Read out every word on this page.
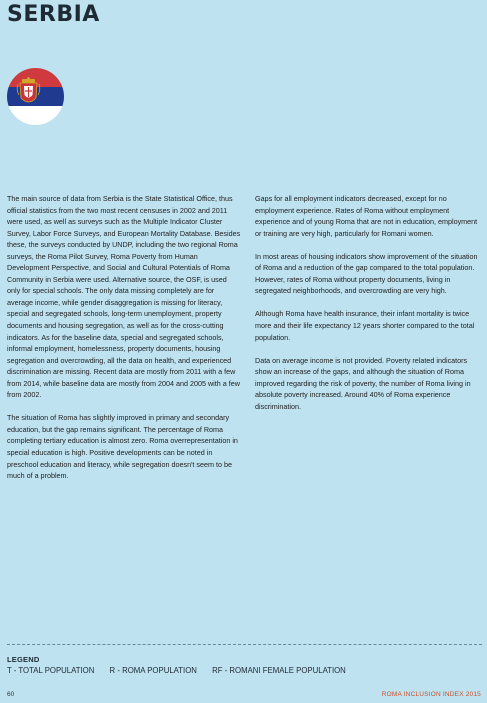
SERBIA

The main source of data from Serbia is the State Statistical Office, thus official statistics from the two most recent censuses in 2002 and 2011 were used, as well as surveys such as the Multiple Indicator Cluster Survey, Labor Force Surveys, and European Mortality Database. Besides these, the surveys conducted by UNDP, including the two regional Roma surveys, the Roma Pilot Survey, Roma Poverty from Human Development Perspective, and Social and Cultural Potentials of Roma Community in Serbia were used. Alternative source, the OSF, is used only for special schools. The only data missing completely are for average income, while gender disaggregation is missing for literacy, special and segregated schools, long-term unemployment, property documents and housing segregation, as well as for the cross-cutting indicators. As for the baseline data, special and segregated schools, informal employment, homelessness, property documents, housing segregation and overcrowding, all the data on health, and experienced discrimination are missing. Recent data are mostly from 2011 with a few from 2014, while baseline data are mostly from 2004 and 2005 with a few from 2002.

The situation of Roma has slightly improved in primary and secondary education, but the gap remains significant. The percentage of Roma completing tertiary education is almost zero. Roma overrepresentation in special education is high. Positive developments can be noted in preschool education and literacy, while segregation doesn't seem to be much of a problem.

Gaps for all employment indicators decreased, except for no employment experience. Rates of Roma without employment experience and of young Roma that are not in education, employment or training are very high, particularly for Romani women.

In most areas of housing indicators show improvement of the situation of Roma and a reduction of the gap compared to the total population. However, rates of Roma without property documents, living in segregated neighborhoods, and overcrowding are very high.

Although Roma have health insurance, their infant mortality is twice more and their life expectancy 12 years shorter compared to the total population.

Data on average income is not provided. Poverty related indicators show an increase of the gaps, and although the situation of Roma improved regarding the risk of poverty, the number of Roma living in absolute poverty increased. Around 40% of Roma experience discrimination.

LEGEND
T - TOTAL POPULATION R - ROMA POPULATION RF - ROMANI FEMALE POPULATION
60	ROMA INCLUSION INDEX 2015
